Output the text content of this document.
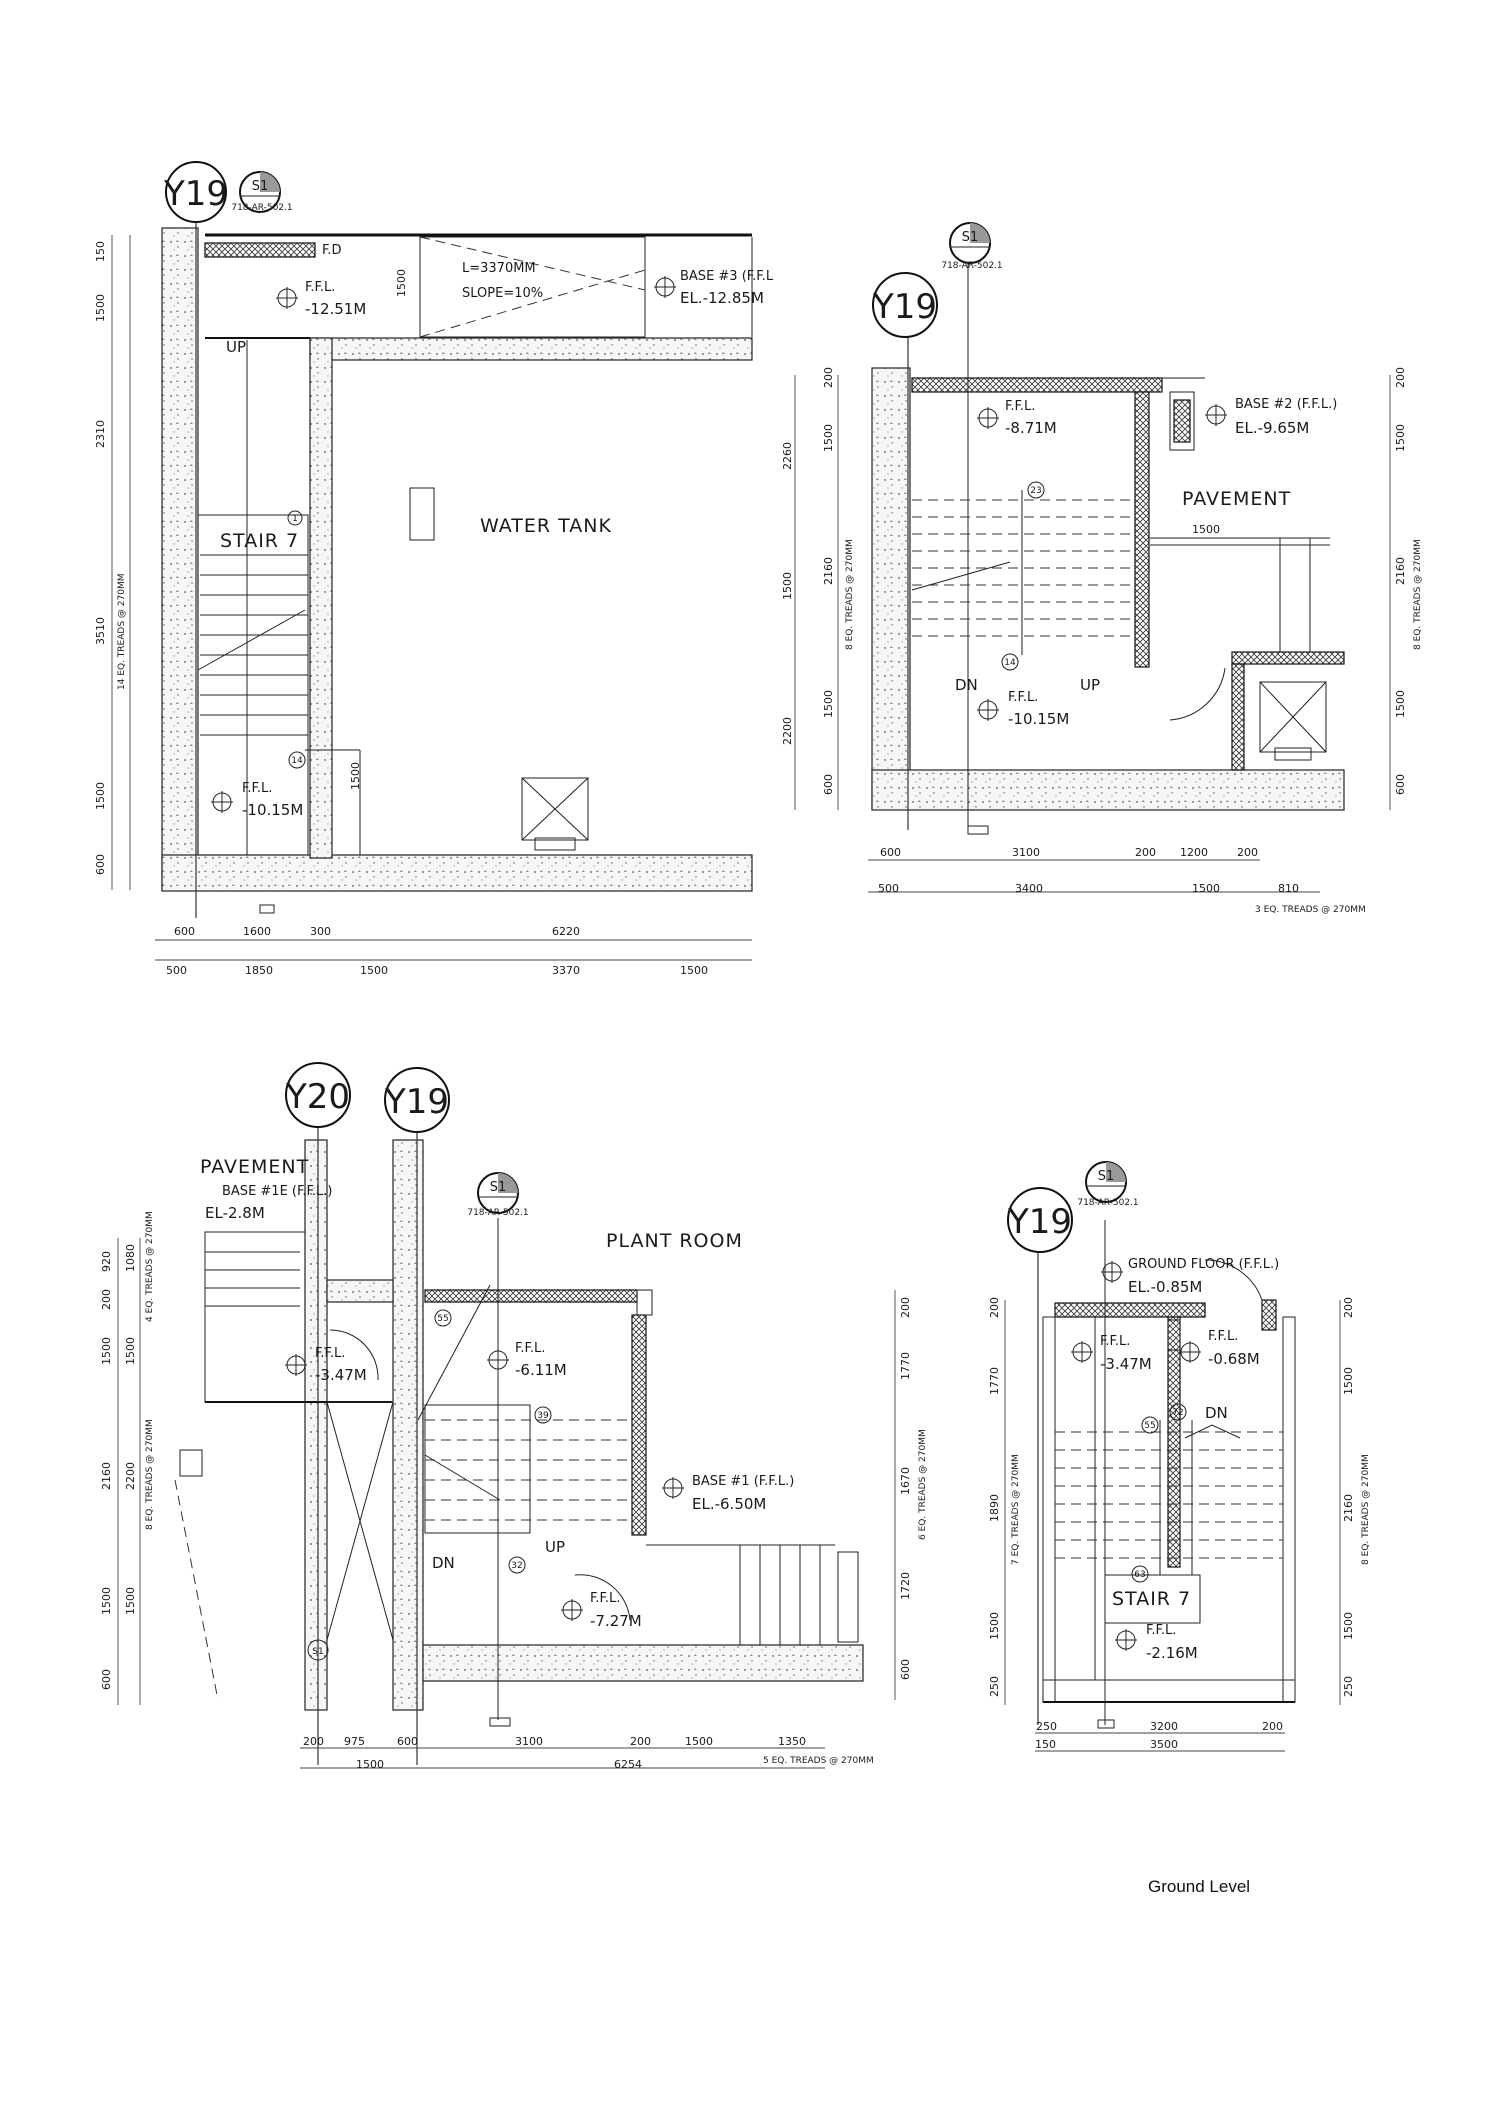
Y19 S1
718-AR-502.1
F.D
F.F.L.
-12.51M
L=3370MM
SLOPE=10%
BASE #3 (F.F.L
EL.-12.85M
UP
STAIR 7
WATER TANK
F.F.L.
-10.15M
1
14
1500
1500
150
1500
2310
3510
1500
600
14 EQ. TREADS @ 270MM
600	1600	300	6220
500	1850	1500	3370	1500
Y19
S1
718-AR-502.1
F.F.L.
-8.71M
BASE #2 (F.F.L.)
EL.-9.65M
PAVEMENT
1500
DN	UP
F.F.L.
-10.15M
23
14
2260
1500
2200
200
1500
2160
1500
600
8 EQ. TREADS @ 270MM
200
1500
2160
1500
600
8 EQ. TREADS @ 270MM
600	3100	200 1200	200
500	3400	1500	810
3 EQ. TREADS @ 270MM
Y20 Y19
S1
718-AR-502.1
S1
PAVEMENT
BASE #1E (F.F.L.)
EL-2.8M
PLANT ROOM
F.F.L.
-3.47M
F.F.L.
-6.11M
BASE #1 (F.F.L.)
EL.-6.50M
F.F.L.
-7.27M
DN
UP
55
39
32
920
200
1500
2160
1500
600
1080
1500
2200
1500
4 EQ. TREADS @ 270MM
8 EQ. TREADS @ 270MM
200
1770
1670
1720
600
6 EQ. TREADS @ 270MM
200 975	600	3100	200	1500	1350
1500	6254	5 EQ. TREADS @ 270MM
Y19
S1
718-AR-502.1
GROUND FLOOR (F.F.L.)
EL.-0.85M
F.F.L.
-3.47M
F.F.L.
-0.68M
DN
STAIR 7
F.F.L.
-2.16M
72
55
63
200
1770
1890
1500
250
7 EQ. TREADS @ 270MM
200
1500
2160
1500
250
8 EQ. TREADS @ 270MM
250	3200	200
150	3500
Ground Level
